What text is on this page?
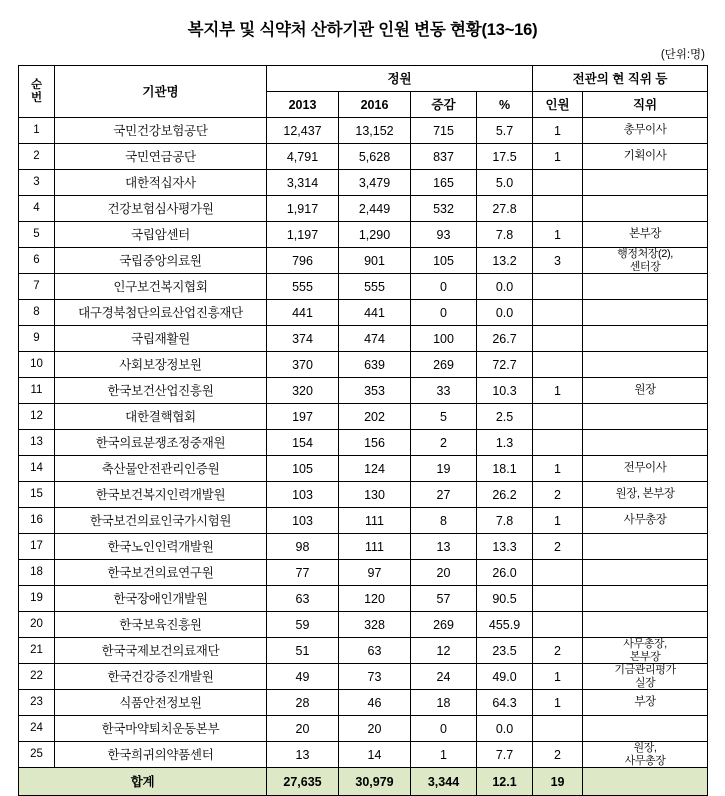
복지부 및 식약처 산하기관 인원 변동 현황(13~16)
(단위:명)
순
번	기관명	정원				전관의 현 직위 등	
		2013	2016	증감	%	인원	직위
1	국민건강보험공단	12,437	13,152	715	5.7	1	총무이사
2	국민연금공단	4,791	5,628	837	17.5	1	기획이사
3	대한적십자사	3,314	3,479	165	5.0		
4	건강보험심사평가원	1,917	2,449	532	27.8		
5	국립암센터	1,197	1,290	93	7.8	1	본부장
6	국립중앙의료원	796	901	105	13.2	3	행정처장(2),
센터장

7	인구보건복지협회	555	555	0	0.0		
8	대구경북첨단의료산업진흥재단	441	441	0	0.0		
9	국립재활원	374	474	100	26.7		
10	사회보장정보원	370	639	269	72.7		
11	한국보건산업진흥원	320	353	33	10.3	1	원장
12	대한결핵협회	197	202	5	2.5		
13	한국의료분쟁조정중재원	154	156	2	1.3		
14	축산물안전관리인증원	105	124	19	18.1	1	전무이사
15	한국보건복지인력개발원	103	130	27	26.2	2	원장, 본부장
16	한국보건의료인국가시험원	103	111	8	7.8	1	사무총장
17	한국노인인력개발원	98	111	13	13.3	2	
18	한국보건의료연구원	77	97	20	26.0		
19	한국장애인개발원	63	120	57	90.5		
20	한국보육진흥원	59	328	269	455.9		
21	한국국제보건의료재단	51	63	12	23.5	2	사무총장,
본부장

22	한국건강증진개발원	49	73	24	49.0	1	기금관리평가
실장

23	식품안전정보원	28	46	18	64.3	1	부장
24	한국마약퇴치운동본부	20	20	0	0.0		
25	한국희귀의약품센터	13	14	1	7.7	2	원장,
사무총장

합계		27,635	30,979	3,344	12.1	19	
